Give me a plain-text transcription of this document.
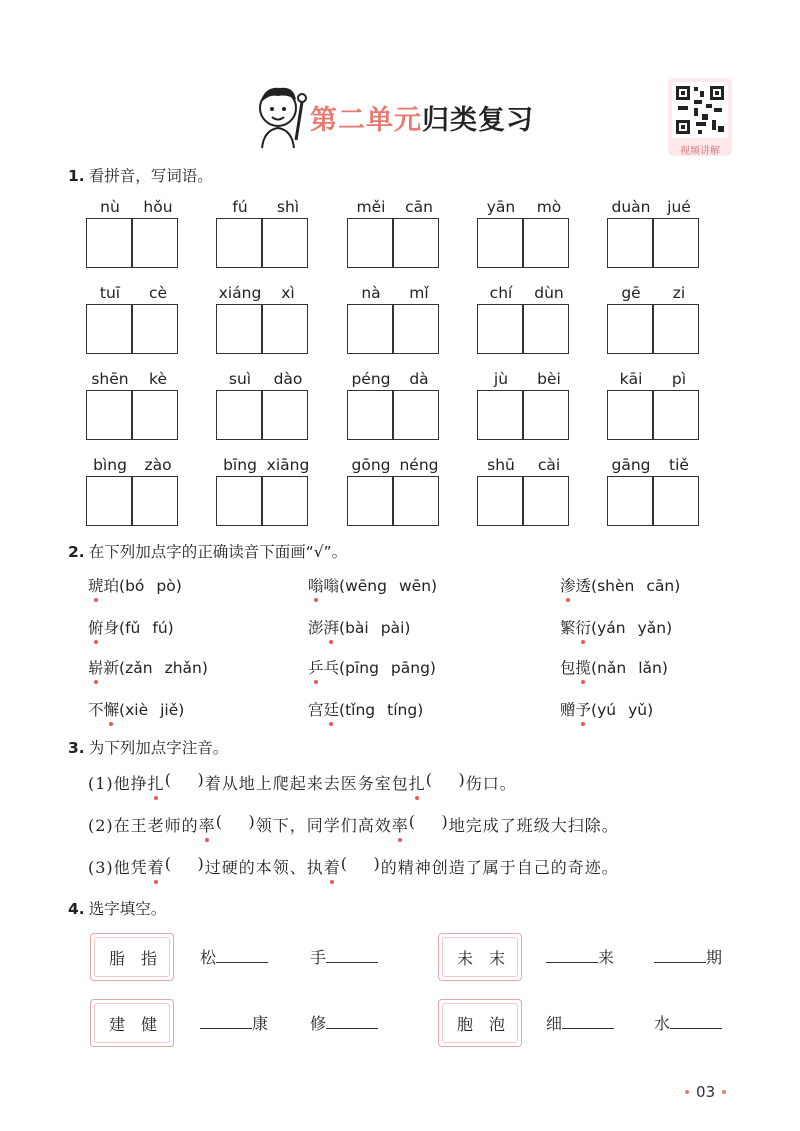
第二单元归类复习
视频讲解
1. 看拼音，写词语。
nù	hǒu	fú	shì	měi	cān	yān	mò	duàn	jué
tuī	cè	xiáng	xì	nà	mǐ	chí	dùn	gē	zi
shēn	kè	suì	dào	péng	dà	jù	bèi	kāi	pì
bìng	zào	bīng xiāng	gōng néng	shū	cài	gāng	tiě
2. 在下列加点字的正确读音下面画“√”。
琥珀(bó pò)	嗡嗡(wēng wēn)	渗透(shèn cān)
俯身(fǔ fú)	澎湃(bài pài)	繁衍(yán yǎn)
崭新(zǎn zhǎn)	乒乓(pīng pāng)	包揽(nǎn lǎn)
不懈(xiè jiě)	宫廷(tǐng tíng)	赠予(yú yǔ)
3. 为下列加点字注音。
(1)他挣扎 ( ) 着从地上爬起来去医务室包扎 ( ) 伤口。
(2)在王老师的率 ( ) 领下，同学们高效率 ( ) 地完成了班级大扫除。
(3)他凭着 ( ) 过硬的本领、执着 ( ) 的精神创造了属于自己的奇迹。
4. 选字填空。
脂 指	松	手	未 末	来	期
建 健	康	修	胞 泡	细	水
• 03 •
